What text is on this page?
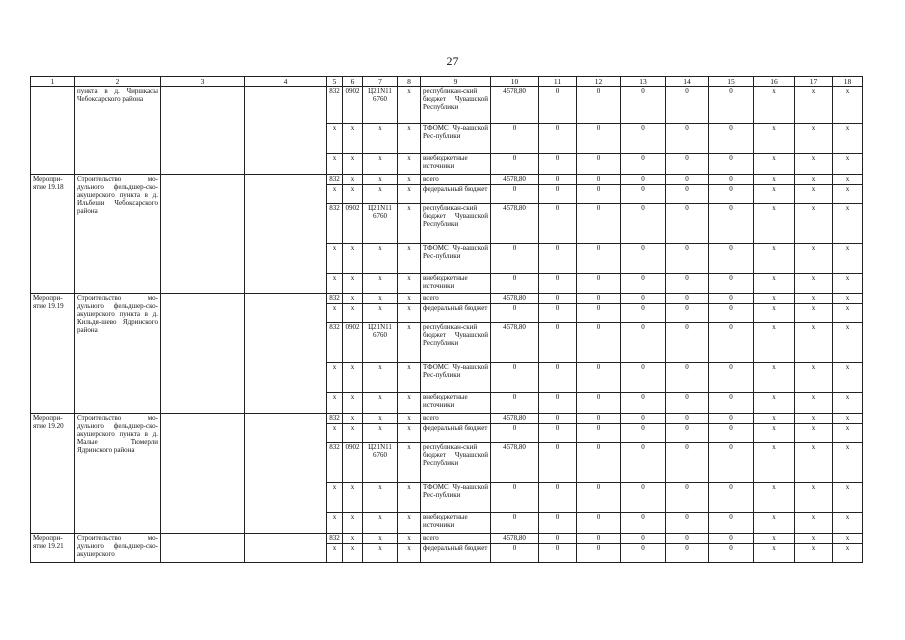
27
1	2	3	4	5	6	7	8	9	10	11	12	13	14	15	16	17	18
	пункта в д. Чиршкасы Чебоксарского района			832	0902	Ц21N11 6760	x	республикан-ский бюджет Чувашской Республики	4578,80	0	0	0	0	0	x	x	x
				x	x	x	x	ТФОМС Чу-вашской Рес-публики	0	0	0	0	0	0	x	x	x
				x	x	x	x	внебюджетные источники	0	0	0	0	0	0	x	x	x
Меропри-ятие 19.18	Строительство мо-дульного фельдшер-ско-акушерского пункта в д. Ильбеши Чебоксарского района			832	x	x	x	всего	4578,80	0	0	0	0	0	x	x	x
				x	x	x	x	федеральный бюджет	0	0	0	0	0	0	x	x	x
				832	0902	Ц21N11 6760	x	республикан-ский бюджет Чувашской Республики	4578,80	0	0	0	0	0	x	x	x
				x	x	x	x	ТФОМС Чу-вашской Рес-публики	0	0	0	0	0	0	x	x	x
				x	x	x	x	внебюджетные источники	0	0	0	0	0	0	x	x	x
Меропри-ятие 19.19	Строительство мо-дульного фельдшер-ско-акушерского пункта в д. Кильдя-шево Ядринского района			832	x	x	x	всего	4578,80	0	0	0	0	0	x	x	x
				x	x	x	x	федеральный бюджет	0	0	0	0	0	0	x	x	x
				832	0902	Ц21N11 6760	x	республикан-ский бюджет Чувашской Республики	4578,80	0	0	0	0	0	x	x	x
				x	x	x	x	ТФОМС Чу-вашской Рес-публики	0	0	0	0	0	0	x	x	x
				x	x	x	x	внебюджетные источники	0	0	0	0	0	0	x	x	x
Меропри-ятие 19.20	Строительство мо-дульного фельдшер-ско-акушерского пункта в д. Малые Тюмерли Ядринского района			832	x	x	x	всего	4578,80	0	0	0	0	0	x	x	x
				x	x	x	x	федеральный бюджет	0	0	0	0	0	0	x	x	x
				832	0902	Ц21N11 6760	x	республикан-ский бюджет Чувашской Республики	4578,80	0	0	0	0	0	x	x	x
				x	x	x	x	ТФОМС Чу-вашской Рес-публики	0	0	0	0	0	0	x	x	x
				x	x	x	x	внебюджетные источники	0	0	0	0	0	0	x	x	x
Меропри-ятие 19.21	Строительство мо-дульного фельдшер-ско-акушерского			832	x	x	x	всего	4578,80	0	0	0	0	0	x	x	x
				x	x	x	x	федеральный бюджет	0	0	0	0	0	0	x	x	x
